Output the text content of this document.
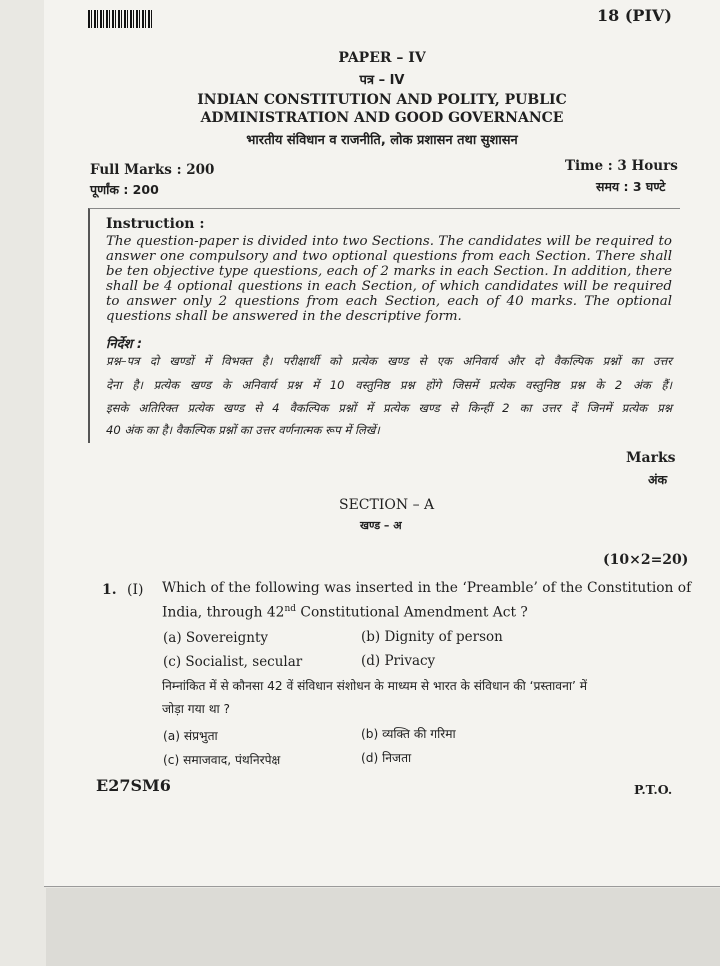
18 (PIV)
PAPER – IV
पत्र – IV
INDIAN CONSTITUTION AND POLITY, PUBLIC
ADMINISTRATION AND GOOD GOVERNANCE
भारतीय संविधान व राजनीति, लोक प्रशासन तथा सुशासन
Full Marks : 200
पूर्णांक : 200
Time : 3 Hours
समय : 3 घण्टे
Instruction :
The question-paper is divided into two Sections. The candidates will be required to
answer one compulsory and two optional questions from each Section. There shall
be ten objective type questions, each of 2 marks in each Section. In addition, there
shall be 4 optional questions in each Section, of which candidates will be required
to answer only 2 questions from each Section, each of 40 marks. The optional
questions shall be answered in the descriptive form.
निर्देश :
प्रश्न–पत्र दो खण्डों में विभक्त है। परीक्षार्थी को प्रत्येक खण्ड से एक अनिवार्य और दो वैकल्पिक प्रश्नों का उत्तर
देना है। प्रत्येक खण्ड के अनिवार्य प्रश्न में 10 वस्तुनिष्ठ प्रश्न होंगे जिसमें प्रत्येक वस्तुनिष्ठ प्रश्न के 2 अंक हैं।
इसके अतिरिक्त प्रत्येक खण्ड से 4 वैकल्पिक प्रश्नों में प्रत्येक खण्ड से किन्हीं 2 का उत्तर दें जिनमें प्रत्येक प्रश्न
40 अंक का है। वैकल्पिक प्रश्नों का उत्तर वर्णनात्मक रूप में लिखें।
Marks
अंक
SECTION – A
खण्ड – अ
(10×2=20)
1. (I) Which of the following was inserted in the ‘Preamble’ of the Constitution of
India, through 42nd Constitutional Amendment Act ?
(a) Sovereignty	(b) Dignity of person
(c) Socialist, secular	(d) Privacy
निम्नांकित में से कौनसा 42 वें संविधान संशोधन के माध्यम से भारत के संविधान की ‘प्रस्तावना’ में
जोड़ा गया था ?
(a) संप्रभुता	(b) व्यक्ति की गरिमा
(c) समाजवाद, पंथनिरपेक्ष	(d) निजता
E27SM6	P.T.O.
